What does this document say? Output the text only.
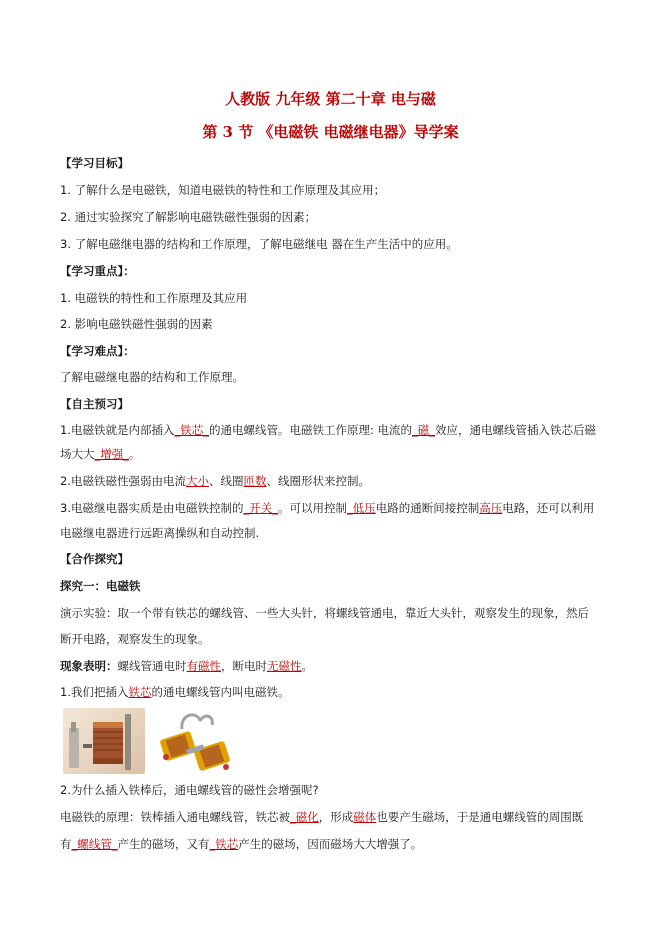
人教版 九年级 第二十章 电与磁
第 3 节 《电磁铁 电磁继电器》导学案
【学习目标】
1. 了解什么是电磁铁，知道电磁铁的特性和工作原理及其应用；
2. 通过实验探究了解影响电磁铁磁性强弱的因素；
3. 了解电磁继电器的结构和工作原理，了解电磁继电 器在生产生活中的应用。
【学习重点】：
1. 电磁铁的特性和工作原理及其应用
2. 影响电磁铁磁性强弱的因素
【学习难点】：
了解电磁继电器的结构和工作原理。
【自主预习】
1.电磁铁就是内部插入_铁芯_的通电螺线管。电磁铁工作原理: 电流的_磁_效应，通电螺线管插入铁芯后磁
场大大_增强_。
2.电磁铁磁性强弱由电流大小、线圈匝数、线圈形状来控制。
3.电磁继电器实质是由电磁铁控制的_开关_。可以用控制_低压电路的通断间接控制高压电路，还可以利用
电磁继电器进行远距离操纵和自动控制.
【合作探究】
探究一：电磁铁
演示实验：取一个带有铁芯的螺线管、一些大头针，将螺线管通电，靠近大头针，观察发生的现象，然后
断开电路，观察发生的现象。
现象表明：螺线管通电时有磁性，断电时无磁性。
1.我们把插入铁芯的通电螺线管内叫电磁铁。
2.为什么插入铁棒后，通电螺线管的磁性会增强呢?
电磁铁的原理：铁棒插入通电螺线管，铁芯被_磁化，形成磁体也要产生磁场，于是通电螺线管的周围既
有_螺线管_产生的磁场，又有_铁芯产生的磁场，因而磁场大大增强了。
